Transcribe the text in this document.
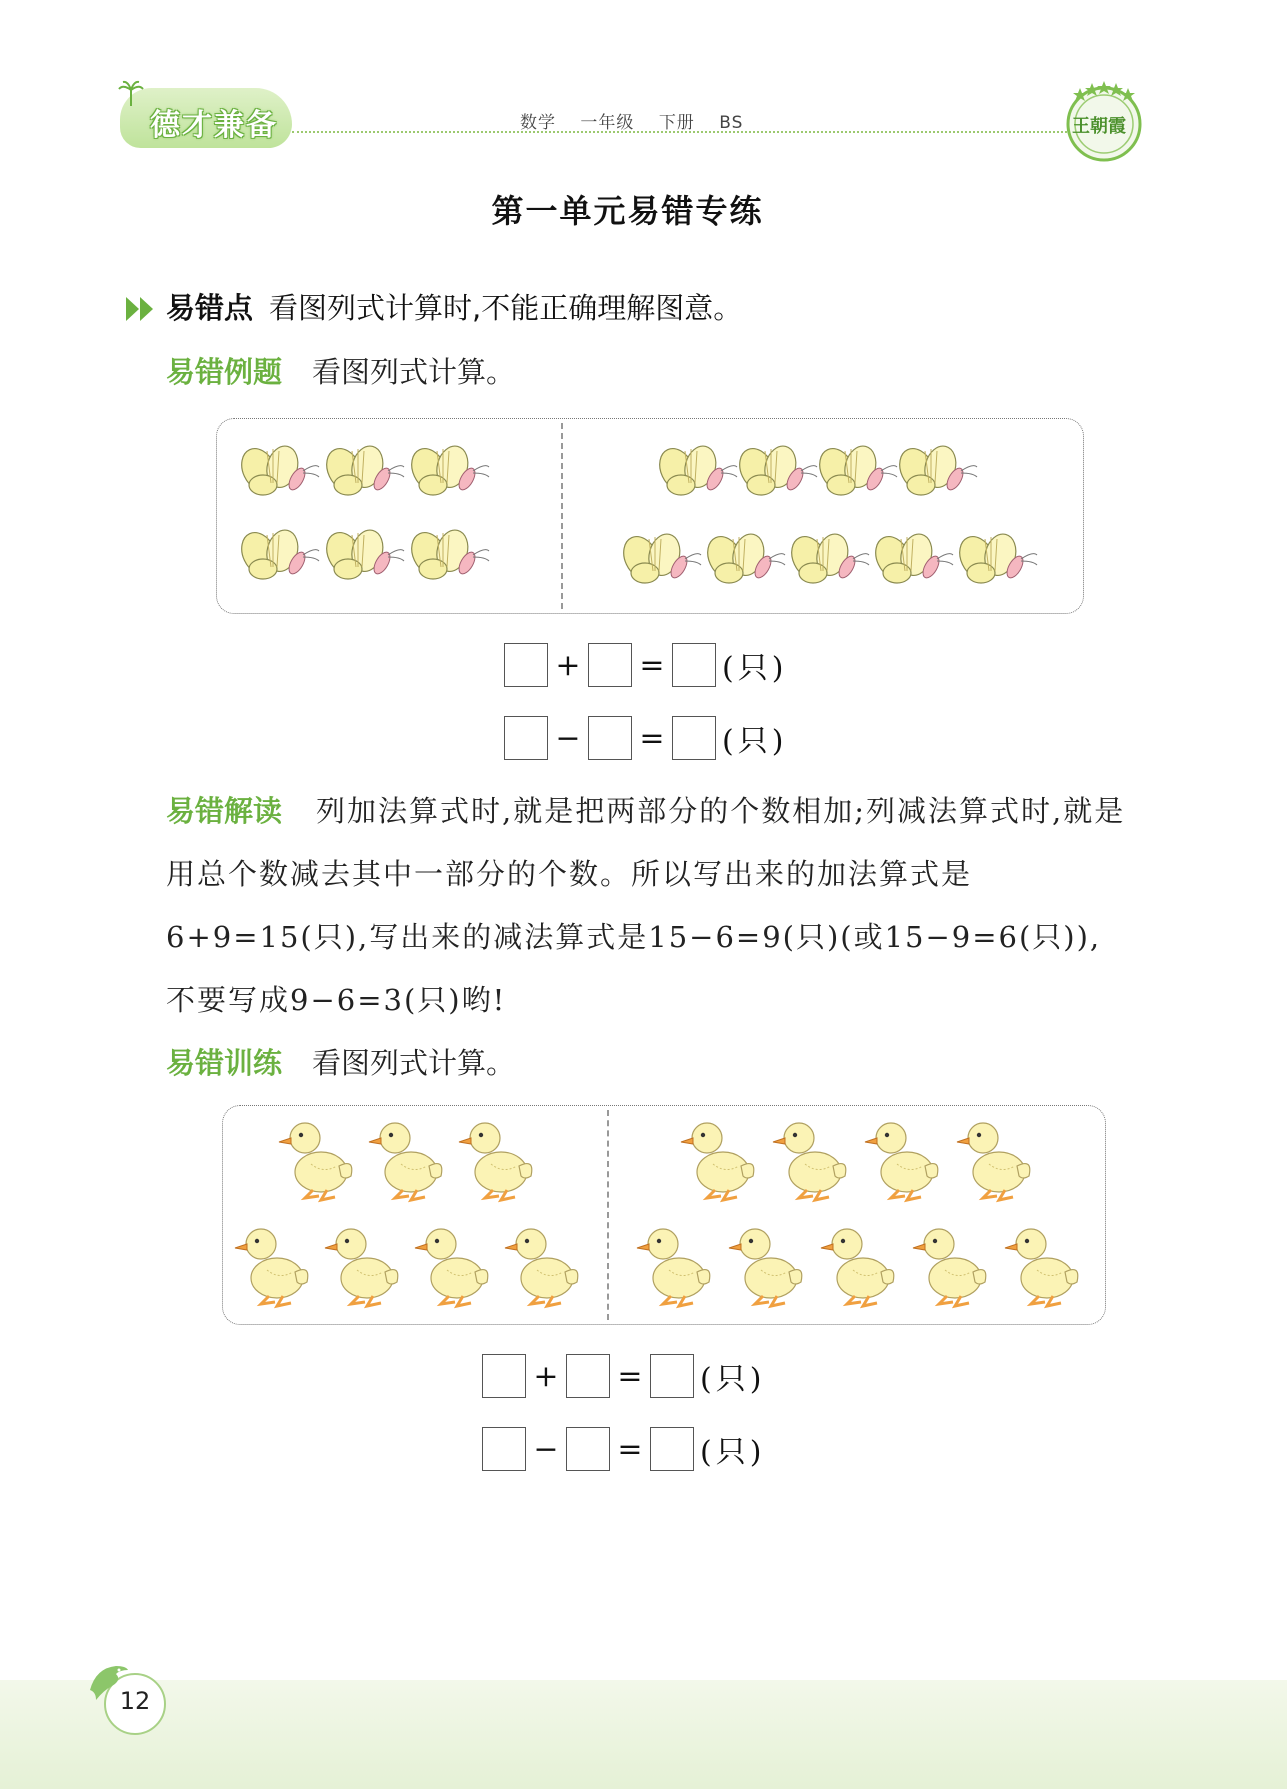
德才兼备	数学 一年级 下册 BS	王朝霞
第一单元易错专练
易错点 看图列式计算时,不能正确理解图意。
易错例题 看图列式计算。
+ = (只)
− = (只)
易错解读 列加法算式时,就是把两部分的个数相加;列减法算式时,就是用总个数减去其中一部分的个数。所以写出来的加法算式是6+9=15(只),写出来的减法算式是15−6=9(只)(或15−9=6(只)),不要写成9−6=3(只)哟!
易错训练 看图列式计算。
+ = (只)
− = (只)
12
